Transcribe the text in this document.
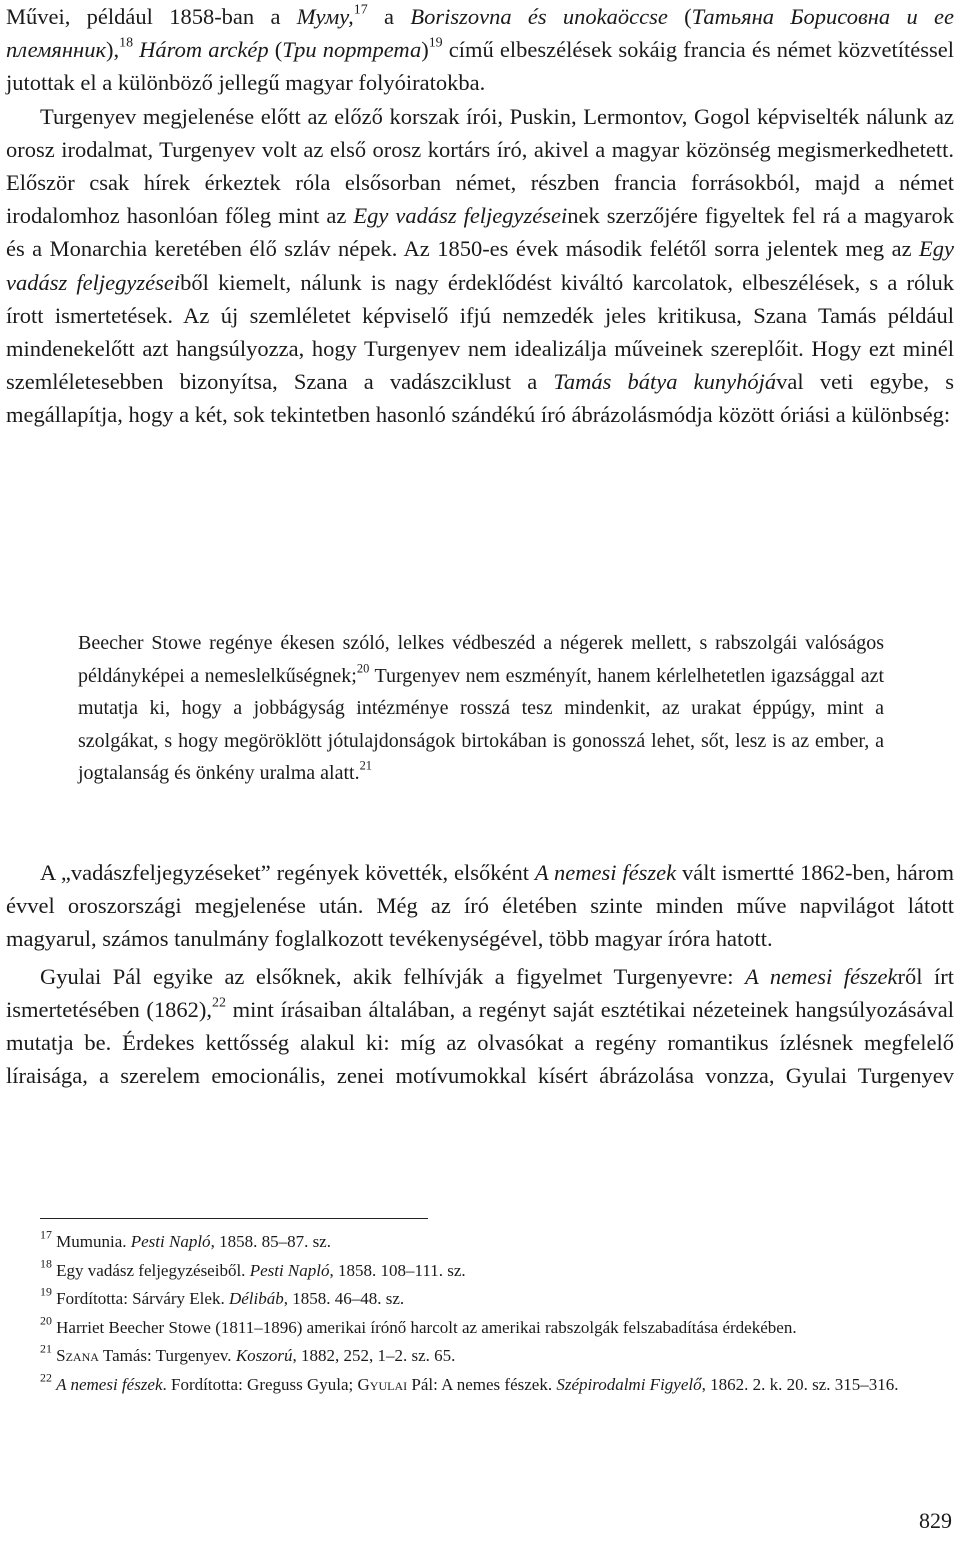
Művei, például 1858-ban a Муму,$^{17}$ a Boriszovna és unokaöccse (Татьяна Борисовна и ее племянник),$^{18}$ Három arckép (Три портрета)$^{19}$ című elbeszélések sokáig francia és német közvetítéssel jutottak el a különböző jellegű magyar folyóiratokba.

Turgenyev megjelenése előtt az előző korszak írói, Puskin, Lermontov, Gogol képviselték nálunk az orosz irodalmat, Turgenyev volt az első orosz kortárs író, akivel a magyar közönség megismerkedhetett. Először csak hírek érkeztek róla elsősorban német, részben francia forrásokból, majd a német irodalomhoz hasonlóan főleg mint az Egy vadász feljegyzéseinek szerzőjére figyeltek fel rá a magyarok és a Monarchia keretében élő szláv népek. Az 1850-es évek második felétől sorra jelentek meg az Egy vadász feljegyzéseiből kiemelt, nálunk is nagy érdeklődést kiváltó karcolatok, elbeszélések, s a róluk írott ismertetések. Az új szemléletet képviselő ifjú nemzedék jeles kritikusa, Szana Tamás például mindenekelőtt azt hangsúlyozza, hogy Turgenyev nem idealizálja műveinek szereplőit. Hogy ezt minél szemléletesebben bizonyítsa, Szana a vadászciklust a Tamás bátya kunyhójával veti egybe, s megállapítja, hogy a két, sok tekintetben hasonló szándékú író ábrázolásmódja között óriási a különbség:

Beecher Stowe regénye ékesen szóló, lelkes védbeszéd a négerek mellett, s rabszolgái valóságos példányképei a nemeslelkűségnek;$^{20}$ Turgenyev nem eszményít, hanem kérlelhetetlen igazsággal azt mutatja ki, hogy a jobbágyság intézménye rosszá tesz mindenkit, az urakat éppúgy, mint a szolgákat, s hogy megöröklött jótulajdonságok birtokában is gonosszá lehet, sőt, lesz is az ember, a jogtalanság és önkény uralma alatt.$^{21}$

A „vadászfeljegyzéseket” regények követték, elsőként A nemesi fészek vált ismertté 1862-ben, három évvel oroszországi megjelenése után. Még az író életében szinte minden műve napvilágot látott magyarul, számos tanulmány foglalkozott tevékenységével, több magyar íróra hatott.

Gyulai Pál egyike az elsőknek, akik felhívják a figyelmet Turgenyevre: A nemesi fészekről írt ismertetésében (1862),$^{22}$ mint írásaiban általában, a regényt saját esztétikai nézeteinek hangsúlyozásával mutatja be. Érdekes kettősség alakul ki: míg az olvasókat a regény romantikus ízlésnek megfelelő líraisága, a szerelem emocionális, zenei motívumokkal kísért ábrázolása vonzza, Gyulai Turgenyev

$^{17}$ Mumunia. Pesti Napló, 1858. 85–87. sz.

$^{18}$ Egy vadász feljegyzéseiből. Pesti Napló, 1858. 108–111. sz.

$^{19}$ Fordította: Sárváry Elek. Délibáb, 1858. 46–48. sz.

$^{20}$ Harriet Beecher Stowe (1811–1896) amerikai írónő harcolt az amerikai rabszolgák felszabadítása érdekében.

$^{21}$ Szana Tamás: Turgenyev. Koszorú, 1882, 252, 1–2. sz. 65.

$^{22}$ A nemesi fészek. Fordította: Greguss Gyula; Gyulai Pál: A nemes fészek. Szépirodalmi Figyelő, 1862. 2. k. 20. sz. 315–316.

829
